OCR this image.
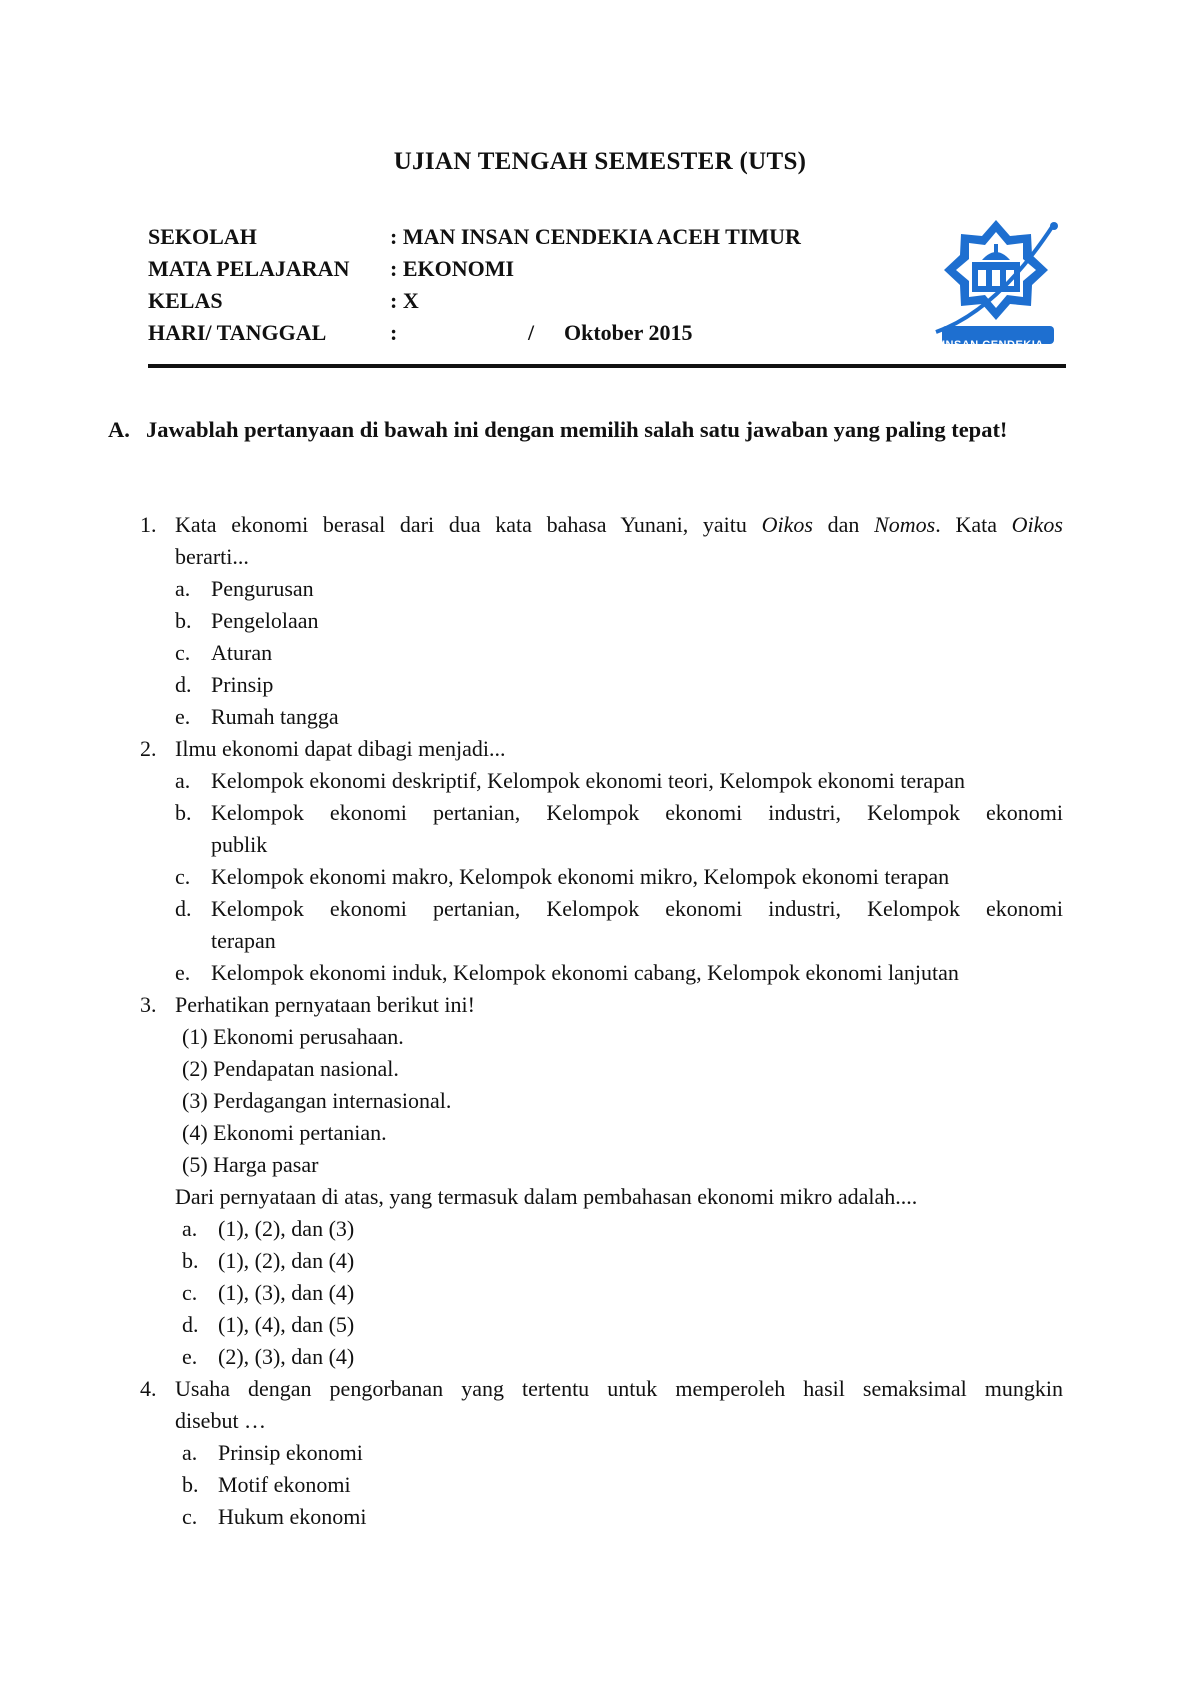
UJIAN TENGAH SEMESTER (UTS)
SEKOLAH	: MAN INSAN CENDEKIA ACEH TIMUR
MATA PELAJARAN : EKONOMI
KELAS	: X
HARI/ TANGGAL	:	/ Oktober 2015	INSAN CENDEKIA
A. Jawablah pertanyaan di bawah ini dengan memilih salah satu jawaban yang paling tepat!
1. Kata ekonomi berasal dari dua kata bahasa Yunani, yaitu Oikos dan Nomos. Kata Oikos
berarti...
a. Pengurusan
b. Pengelolaan
c. Aturan
d. Prinsip
e. Rumah tangga
2. Ilmu ekonomi dapat dibagi menjadi...
a. Kelompok ekonomi deskriptif, Kelompok ekonomi teori, Kelompok ekonomi terapan
b. Kelompok ekonomi pertanian, Kelompok ekonomi industri, Kelompok ekonomi
publik
c. Kelompok ekonomi makro, Kelompok ekonomi mikro, Kelompok ekonomi terapan
d. Kelompok ekonomi pertanian, Kelompok ekonomi industri, Kelompok ekonomi
terapan
e. Kelompok ekonomi induk, Kelompok ekonomi cabang, Kelompok ekonomi lanjutan
3. Perhatikan pernyataan berikut ini!
(1) Ekonomi perusahaan.
(2) Pendapatan nasional.
(3) Perdagangan internasional.
(4) Ekonomi pertanian.
(5) Harga pasar
Dari pernyataan di atas, yang termasuk dalam pembahasan ekonomi mikro adalah....
a. (1), (2), dan (3)
b. (1), (2), dan (4)
c. (1), (3), dan (4)
d. (1), (4), dan (5)
e. (2), (3), dan (4)
4. Usaha dengan pengorbanan yang tertentu untuk memperoleh hasil semaksimal mungkin
disebut …
a. Prinsip ekonomi
b. Motif ekonomi
c. Hukum ekonomi
